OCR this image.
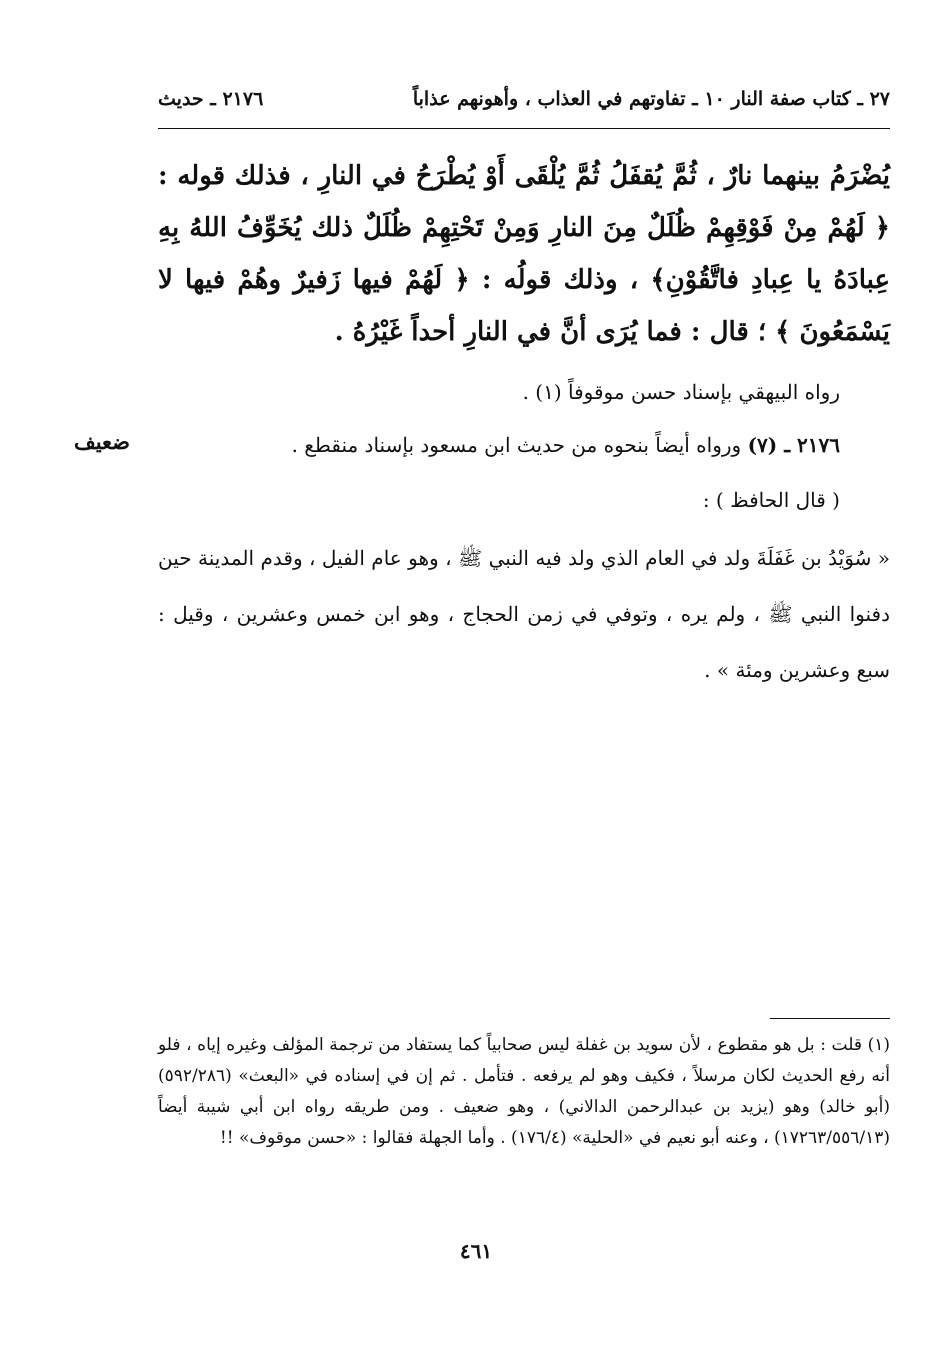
٢٧ ـ كتاب صفة النار ١٠ ـ تفاوتهم في العذاب ، وأهونهم عذاباً
٢١٧٦ ـ حديث
يُضْرَمُ بينهما نارٌ ، ثُمَّ يُقفَلُ ثُمَّ يُلْقَى أَوْ يُطْرَحُ في النارِ ، فذلك قوله : ﴿ لَهُمْ مِنْ فَوْقِهِمْ ظُلَلٌ مِنَ النارِ وَمِنْ تَحْتِهِمْ ظُلَلٌ ذلك يُخَوِّفُ اللهُ بِهِ عِبادَهُ يا عِبادِ فاتَّقُوْنِ﴾ ، وذلك قولُه : ﴿ لَهُمْ فيها زَفيرٌ وهُمْ فيها لا يَسْمَعُونَ ﴾ ؛ قال : فما يُرَى أنَّ في النارِ أحداً غَيْرُهُ .
رواه البيهقي بإسناد حسن موقوفاً (١) .
٢١٧٦ ـ (٧) ورواه أيضاً بنحوه من حديث ابن مسعود بإسناد منقطع .
ضعيف
( قال الحافظ ) :
« سُوَيْدُ بن غَفَلَةَ ولد في العام الذي ولد فيه النبي ﷺ ، وهو عام الفيل ، وقدم المدينة حين دفنوا النبي ﷺ ، ولم يره ، وتوفي في زمن الحجاج ، وهو ابن خمس وعشرين ، وقيل : سبع وعشرين ومئة » .
(١) قلت : بل هو مقطوع ، لأن سويد بن غفلة ليس صحابياً كما يستفاد من ترجمة المؤلف وغيره إياه ، فلو أنه رفع الحديث لكان مرسلاً ، فكيف وهو لم يرفعه . فتأمل . ثم إن في إسناده في «البعث» (٥٩٢/٢٨٦) (أبو خالد) وهو (يزيد بن عبدالرحمن الدالاني) ، وهو ضعيف . ومن طريقه رواه ابن أبي شيبة أيضاً (١٧٢٦٣/٥٥٦/١٣) ، وعنه أبو نعيم في «الحلية» (١٧٦/٤) . وأما الجهلة فقالوا : «حسن موقوف» !!
٤٦١
